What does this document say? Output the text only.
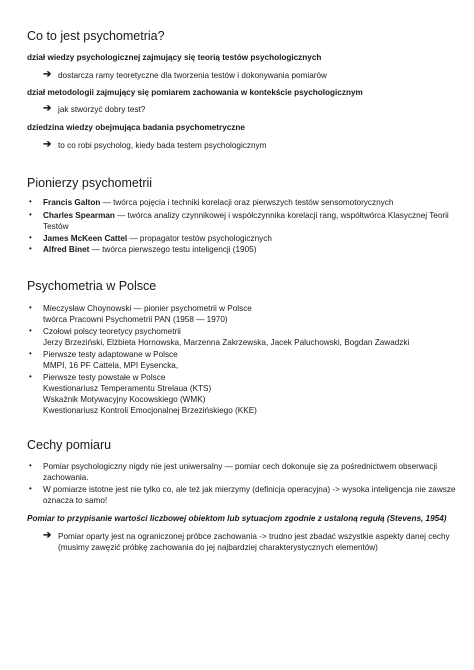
Co to jest psychometria?
dział wiedzy psychologicznej zajmujący się teorią testów psychologicznych
➔ dostarcza ramy teoretyczne dla tworzenia testów i dokonywania pomiarów
dział metodologii zajmujący się pomiarem zachowania w kontekście psychologicznym
➔ jak stworzyć dobry test?
dziedzina wiedzy obejmująca badania psychometryczne
➔ to co robi psycholog, kiedy bada testem psychologicznym
Pionierzy psychometrii
• Francis Galton — twórca pojęcia i techniki korelacji oraz pierwszych testów sensomotorycznych
• Charles Spearman — twórca analizy czynnikowej i współczynnika korelacji rang, współtwórca Klasycznej Teorii
Testów
• James McKeen Cattel — propagator testów psychologicznych
• Alfred Binet — twórca pierwszego testu inteligencji (1905)
Psychometria w Polsce
• Mieczysław Choynowski — pionier psychometrii w Polsce
twórca Pracowni Psychometrii PAN (1958 — 1970)
• Czołowi polscy teoretycy psychometrii
Jerzy Brzeziński, Elżbieta Hornowska, Marzenna Zakrzewska, Jacek Paluchowski, Bogdan Zawadzki
• Pierwsze testy adaptowane w Polsce
MMPI, 16 PF Cattela, MPI Eysencka,
• Pierwsze testy powstałe w Polsce
Kwestionariusz Temperamentu Strelaua (KTS)
Wskaźnik Motywacyjny Kocowskiego (WMK)
Kwestionariusz Kontroli Emocjonalnej Brzezińskiego (KKE)
Cechy pomiaru
• Pomiar psychologiczny nigdy nie jest uniwersalny — pomiar cech dokonuje się za pośrednictwem obserwacji
zachowania.
• W pomiarze istotne jest nie tylko co, ale też jak mierzymy (definicja operacyjna) -> wysoka inteligencja nie zawsze
oznacza to samo!
Pomiar to przypisanie wartości liczbowej obiektom lub sytuacjom zgodnie z ustaloną regułą (Stevens, 1954)
➔ Pomiar oparty jest na ograniczonej próbce zachowania -> trudno jest zbadać wszystkie aspekty danej cechy
(musimy zawęzić próbkę zachowania do jej najbardziej charakterystycznych elementów)
